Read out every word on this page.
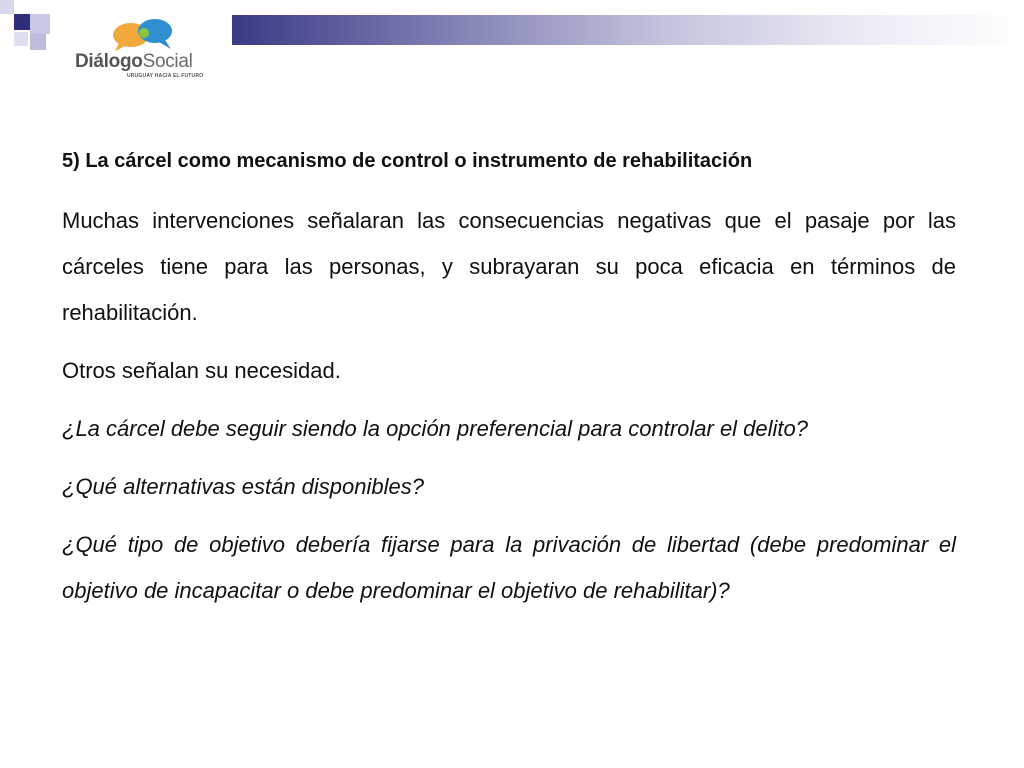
DiálogoSocial
URUGUAY HACIA EL FUTURO
5) La cárcel como mecanismo de control o instrumento de rehabilitación

Muchas intervenciones señalaran las consecuencias negativas que el pasaje por las cárceles tiene para las personas, y subrayaran su poca eficacia en términos de rehabilitación.

Otros señalan su necesidad.

¿La cárcel debe seguir siendo la opción preferencial para controlar el delito?

¿Qué alternativas están disponibles?

¿Qué tipo de objetivo debería fijarse para la privación de libertad (debe predominar el objetivo de incapacitar o debe predominar el objetivo de rehabilitar)?
